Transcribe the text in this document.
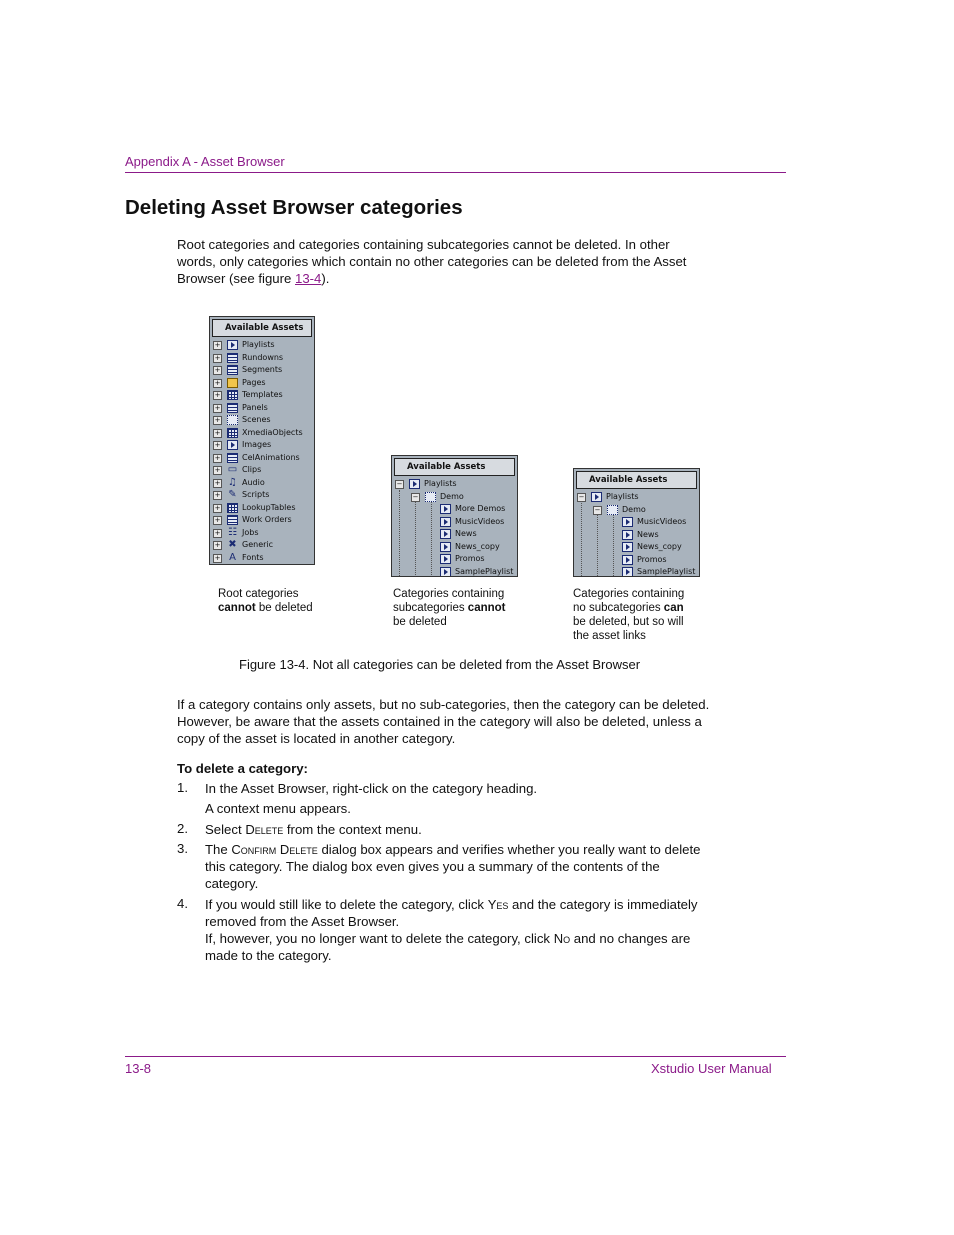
Appendix A - Asset Browser
Deleting Asset Browser categories
Root categories and categories containing subcategories cannot be deleted. In other
words, only categories which contain no other categories can be deleted from the Asset
Browser (see figure 13-4).
Available Assets
+	Playlists
+	Rundowns
+	Segments
+	Pages
+	Templates
+	Panels
+	Scenes
+	XmediaObjects
+	Images
+	CelAnimations
+ ▭ Clips
+ ♫ Audio
+ ✎ Scripts
+	LookupTables
+	Work Orders
+ ☷ Jobs
+ ✖ Generic
+ A Fonts
Available Assets
−	Playlists
−	Demo
More Demos
MusicVideos
News
News_copy
Promos
SamplePlaylist
Available Assets
−	Playlists
−	Demo
MusicVideos
News
News_copy
Promos
SamplePlaylist
Root categories
cannot be deleted
Categories containing
subcategories cannot
be deleted
Categories containing
no subcategories can
be deleted, but so will
the asset links
Figure 13-4. Not all categories can be deleted from the Asset Browser
If a category contains only assets, but no sub-categories, then the category can be deleted.
However, be aware that the assets contained in the category will also be deleted, unless a
copy of the asset is located in another category.
To delete a category:
1. In the Asset Browser, right-click on the category heading.
A context menu appears.
2. Select Delete from the context menu.
3. The Confirm Delete dialog box appears and verifies whether you really want to delete
this category. The dialog box even gives you a summary of the contents of the
category.
4. If you would still like to delete the category, click Yes and the category is immediately
removed from the Asset Browser.
If, however, you no longer want to delete the category, click No and no changes are
made to the category.
13-8	Xstudio User Manual
